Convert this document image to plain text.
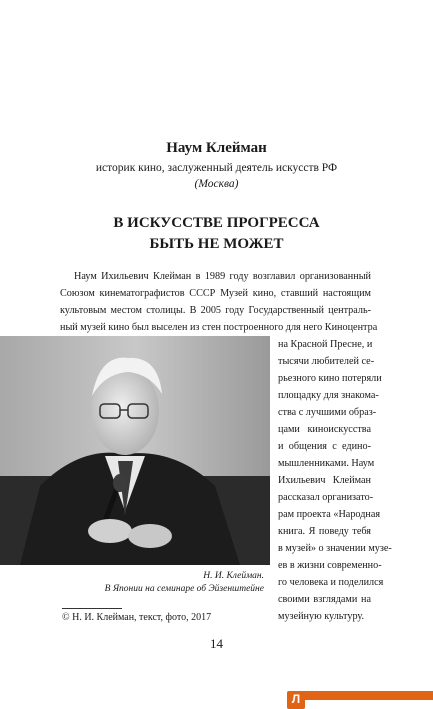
Наум Клейман
историк кино, заслуженный деятель искусств РФ
(Москва)
В ИСКУССТВЕ ПРОГРЕССА
БЫТЬ НЕ МОЖЕТ
Наум Ихильевич Клейман в 1989 году возглавил организованный
Союзом кинематографистов СССР Музей кино, ставший настоящим
культовым местом столицы. В 2005 году Государственный централь-
ный музей кино был выселен из стен построенного для него Киноцентра
на Красной Пресне, и
тысячи любителей се-
рьезного кино потеряли
площадку для знакома-
ства с лучшими образ-
цами киноискусства
и общения с едино-
мышленниками. Наум
Ихильевич Клейман
рассказал организато-
рам проекта «Народная
книга. Я поведу тебя
в музей» о значении музе-
ев в жизни современно-
го человека и поделился
своими взглядами на
музейную культуру.
Н. И. Клейман.
В Японии на семинаре об Эйзенштейне
© Н. И. Клейман, текст, фото, 2017
14
Л
